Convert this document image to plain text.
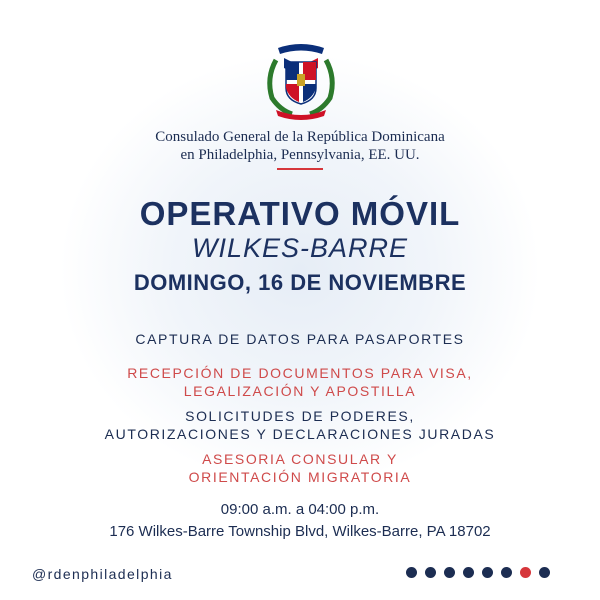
Consulado General de la República Dominicana
en Philadelphia, Pennsylvania, EE. UU.
OPERATIVO MÓVIL
WILKES-BARRE
DOMINGO, 16 DE NOVIEMBRE
CAPTURA DE DATOS PARA PASAPORTES
RECEPCIÓN DE DOCUMENTOS PARA VISA,
LEGALIZACIÓN Y APOSTILLA
SOLICITUDES DE PODERES,
AUTORIZACIONES Y DECLARACIONES JURADAS
ASESORIA CONSULAR Y
ORIENTACIÓN MIGRATORIA
09:00 a.m. a 04:00 p.m.
176 Wilkes-Barre Township Blvd, Wilkes-Barre, PA 18702
@rdenphiladelphia
